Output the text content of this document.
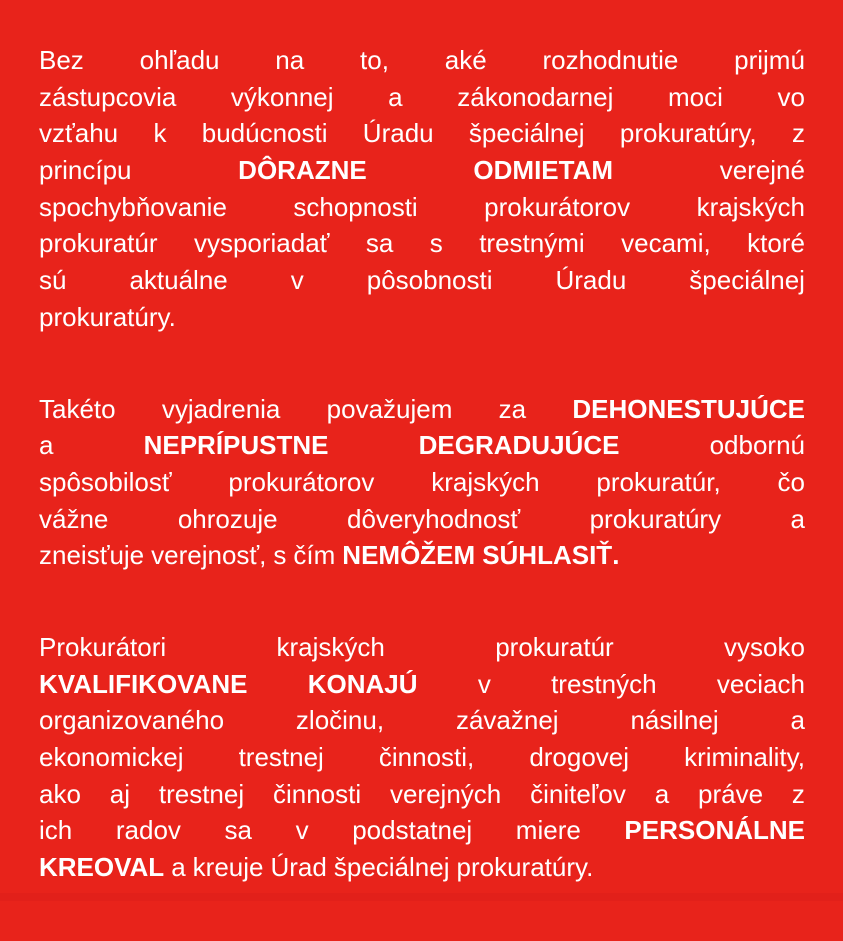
Bez ohľadu na to, aké rozhodnutie prijmú
zástupcovia výkonnej a zákonodarnej moci vo
vzťahu k budúcnosti Úradu špeciálnej prokuratúry, z
princípu	DÔRAZNE	ODMIETAM	verejné
spochybňovanie	schopnosti	prokurátorov	krajských
prokuratúr vysporiadať sa s trestnými vecami, ktoré
sú aktuálne v pôsobnosti Úradu špeciálnej
prokuratúry.
Takéto vyjadrenia považujem za DEHONESTUJÚCE
a	NEPRÍPUSTNE	DEGRADUJÚCE	odbornú
spôsobilosť prokurátorov krajských prokuratúr, čo
vážne	ohrozuje	dôveryhodnosť	prokuratúry	a
zneisťuje verejnosť, s čím NEMÔŽEM SÚHLASIŤ.
Prokurátori	krajských	prokuratúr	vysoko
KVALIFIKOVANE KONAJÚ v trestných veciach
organizovaného	zločinu,	závažnej	násilnej	a
ekonomickej trestnej činnosti, drogovej kriminality,
ako aj trestnej činnosti verejných činiteľov a práve z
ich radov sa v podstatnej miere PERSONÁLNE
KREOVAL a kreuje Úrad špeciálnej prokuratúry.
